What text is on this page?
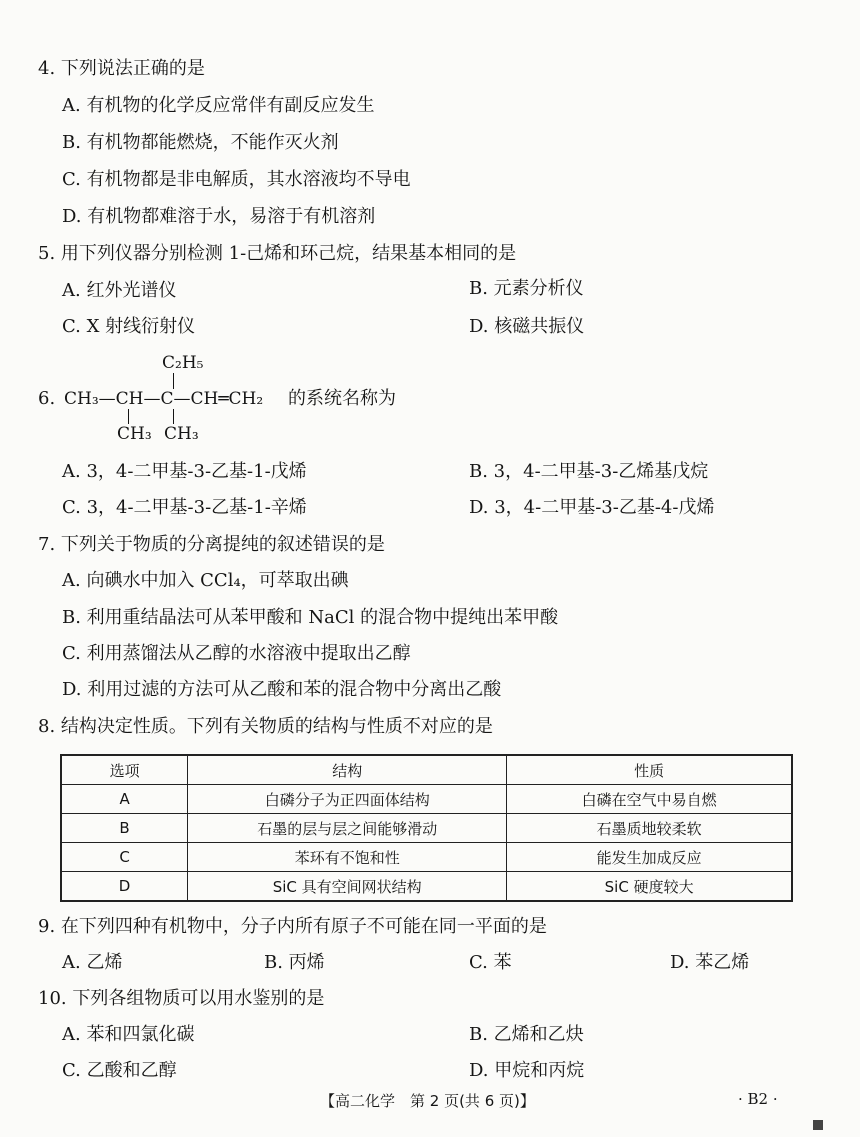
4. 下列说法正确的是
A. 有机物的化学反应常伴有副反应发生
B. 有机物都能燃烧，不能作灭火剂
C. 有机物都是非电解质，其水溶液均不导电
D. 有机物都难溶于水，易溶于有机溶剂
5. 用下列仪器分别检测 1-己烯和环己烷，结果基本相同的是
A. 红外光谱仪	B. 元素分析仪
C. X 射线衍射仪	D. 核磁共振仪
6.
C₂H₅
CH₃—CH—C—CH═CH₂
CH₃ CH₃
的系统名称为
A. 3，4-二甲基-3-乙基-1-戊烯	B. 3，4-二甲基-3-乙烯基戊烷
C. 3，4-二甲基-3-乙基-1-辛烯	D. 3，4-二甲基-3-乙基-4-戊烯
7. 下列关于物质的分离提纯的叙述错误的是
A. 向碘水中加入 CCl₄，可萃取出碘
B. 利用重结晶法可从苯甲酸和 NaCl 的混合物中提纯出苯甲酸
C. 利用蒸馏法从乙醇的水溶液中提取出乙醇
D. 利用过滤的方法可从乙酸和苯的混合物中分离出乙酸
8. 结构决定性质。下列有关物质的结构与性质不对应的是
选项	结构	性质
A	白磷分子为正四面体结构	白磷在空气中易自燃
B	石墨的层与层之间能够滑动	石墨质地较柔软
C	苯环有不饱和性	能发生加成反应
D	SiC 具有空间网状结构	SiC 硬度较大
9. 在下列四种有机物中，分子内所有原子不可能在同一平面的是
A. 乙烯	B. 丙烯	C. 苯	D. 苯乙烯
10. 下列各组物质可以用水鉴别的是
A. 苯和四氯化碳	B. 乙烯和乙炔
C. 乙酸和乙醇	D. 甲烷和丙烷
【高二化学　第 2 页(共 6 页)】	· B2 ·
